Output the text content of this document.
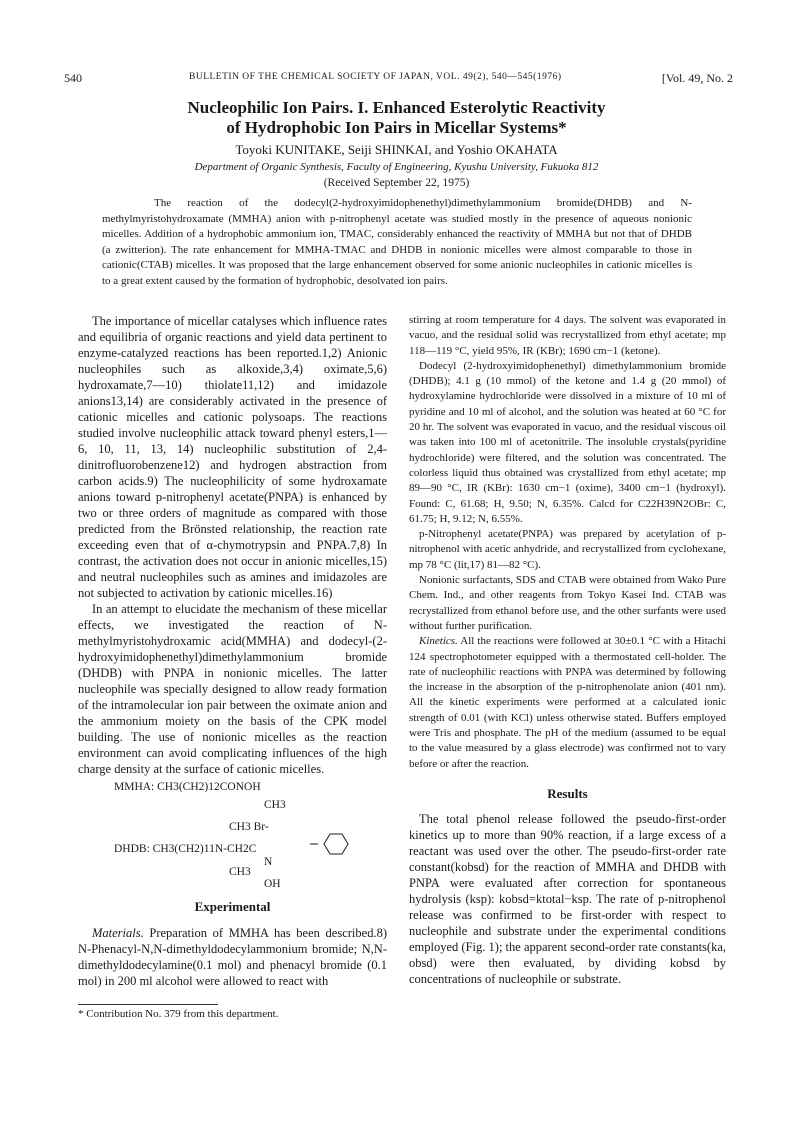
540	BULLETIN OF THE CHEMICAL SOCIETY OF JAPAN, VOL. 49(2), 540—545(1976)	[Vol. 49, No. 2
Nucleophilic Ion Pairs. I. Enhanced Esterolytic Reactivity
of Hydrophobic Ion Pairs in Micellar Systems*
Toyoki KUNITAKE, Seiji SHINKAI, and Yoshio OKAHATA
Department of Organic Synthesis, Faculty of Engineering, Kyushu University, Fukuoka 812
(Received September 22, 1975)

The reaction of the dodecyl(2-hydroxyimidophenethyl)dimethylammonium bromide(DHDB) and N-methylmyristohydroxamate (MMHA) anion with p-nitrophenyl acetate was studied mostly in the presence of aqueous nonionic micelles. Addition of a hydrophobic ammonium ion, TMAC, considerably enhanced the reactivity of MMHA but not that of DHDB (a zwitterion). The rate enhancement for MMHA-TMAC and DHDB in nonionic micelles were almost comparable to those in cationic(CTAB) micelles. It was proposed that the large enhancement observed for some anionic nucleophiles in cationic micelles is to a great extent caused by the formation of hydrophobic, desolvated ion pairs.

The importance of micellar catalyses which influence rates and equilibria of organic reactions and yield data pertinent to enzyme-catalyzed reactions has been reported.1,2) Anionic nucleophiles such as alkoxide,3,4) oximate,5,6) hydroxamate,7—10) thiolate11,12) and imidazole anions13,14) are considerably activated in the presence of cationic micelles and cationic polysoaps. The reactions studied involve nucleophilic attack toward phenyl esters,1—6, 10, 11, 13, 14) nucleophilic substitution of 2,4-dinitrofluorobenzene12) and hydrogen abstraction from carbon acids.9) The nucleophilicity of some hydroxamate anions toward p-nitrophenyl acetate(PNPA) is enhanced by two or three orders of magnitude as compared with those predicted from the Brönsted relationship, the reaction rate exceeding even that of α-chymotrypsin and PNPA.7,8) In contrast, the activation does not occur in anionic micelles,15) and neutral nucleophiles such as amines and imidazoles are not subjected to activation by cationic micelles.16)

In an attempt to elucidate the mechanism of these micellar effects, we investigated the reaction of N-methylmyristohydroxamic acid(MMHA) and dodecyl-(2-hydroxyimidophenethyl)dimethylammonium bromide (DHDB) with PNPA in nonionic micelles. The latter nucleophile was specially designed to allow ready formation of the intramolecular ion pair between the oximate anion and the ammonium moiety on the basis of the CPK model building. The use of nonionic micelles as the reaction environment can avoid complicating influences of the high charge density at the surface of cationic micelles.

MMHA: CH3(CH2)12CONOH
CH3
CH3 Br-
DHDB: CH3(CH2)11N-CH2C
CH3
N
OH
Experimental

Materials. Preparation of MMHA has been described.8) N-Phenacyl-N,N-dimethyldodecylammonium bromide; N,N-dimethyldodecylamine(0.1 mol) and phenacyl bromide (0.1 mol) in 200 ml alcohol were allowed to react with

* Contribution No. 379 from this department.

stirring at room temperature for 4 days. The solvent was evaporated in vacuo, and the residual solid was recrystallized from ethyl acetate; mp 118—119 °C, yield 95%, IR (KBr); 1690 cm−1 (ketone).

Dodecyl (2-hydroxyimidophenethyl) dimethylammonium bromide (DHDB); 4.1 g (10 mmol) of the ketone and 1.4 g (20 mmol) of hydroxylamine hydrochloride were dissolved in a mixture of 10 ml of pyridine and 10 ml of alcohol, and the solution was heated at 60 °C for 20 hr. The solvent was evaporated in vacuo, and the residual viscous oil was taken into 100 ml of acetonitrile. The insoluble crystals(pyridine hydrochloride) were filtered, and the solution was concentrated. The colorless liquid thus obtained was crystallized from ethyl acetate; mp 89—90 °C, IR (KBr): 1630 cm−1 (oxime), 3400 cm−1 (hydroxyl). Found: C, 61.68; H, 9.50; N, 6.35%. Calcd for C22H39N2OBr: C, 61.75; H, 9.12; N, 6.55%.

p-Nitrophenyl acetate(PNPA) was prepared by acetylation of p-nitrophenol with acetic anhydride, and recrystallized from cyclohexane, mp 78 °C (lit,17) 81—82 °C).

Nonionic surfactants, SDS and CTAB were obtained from Wako Pure Chem. Ind., and other reagents from Tokyo Kasei Ind. CTAB was recrystallized from ethanol before use, and the other surfants were used without further purification.

Kinetics. All the reactions were followed at 30±0.1 °C with a Hitachi 124 spectrophotometer equipped with a thermostated cell-holder. The rate of nucleophilic reactions with PNPA was determined by following the increase in the absorption of the p-nitrophenolate anion (401 nm). All the kinetic experiments were performed at a calculated ionic strength of 0.01 (with KCl) unless otherwise stated. Buffers employed were Tris and phosphate. The pH of the medium (assumed to be equal to the value measured by a glass electrode) was confirmed not to vary before or after the reaction.

Results

The total phenol release followed the pseudo-first-order kinetics up to more than 90% reaction, if a large excess of a reactant was used over the other. The pseudo-first-order rate constant(kobsd) for the reaction of MMHA and DHDB with PNPA were evaluated after correction for spontaneous hydrolysis (ksp): kobsd=ktotal−ksp. The rate of p-nitrophenol release was confirmed to be first-order with respect to nucleophile and substrate under the experimental conditions employed (Fig. 1); the apparent second-order rate constants(ka, obsd) were then evaluated, by dividing kobsd by concentrations of nucleophile or substrate.
